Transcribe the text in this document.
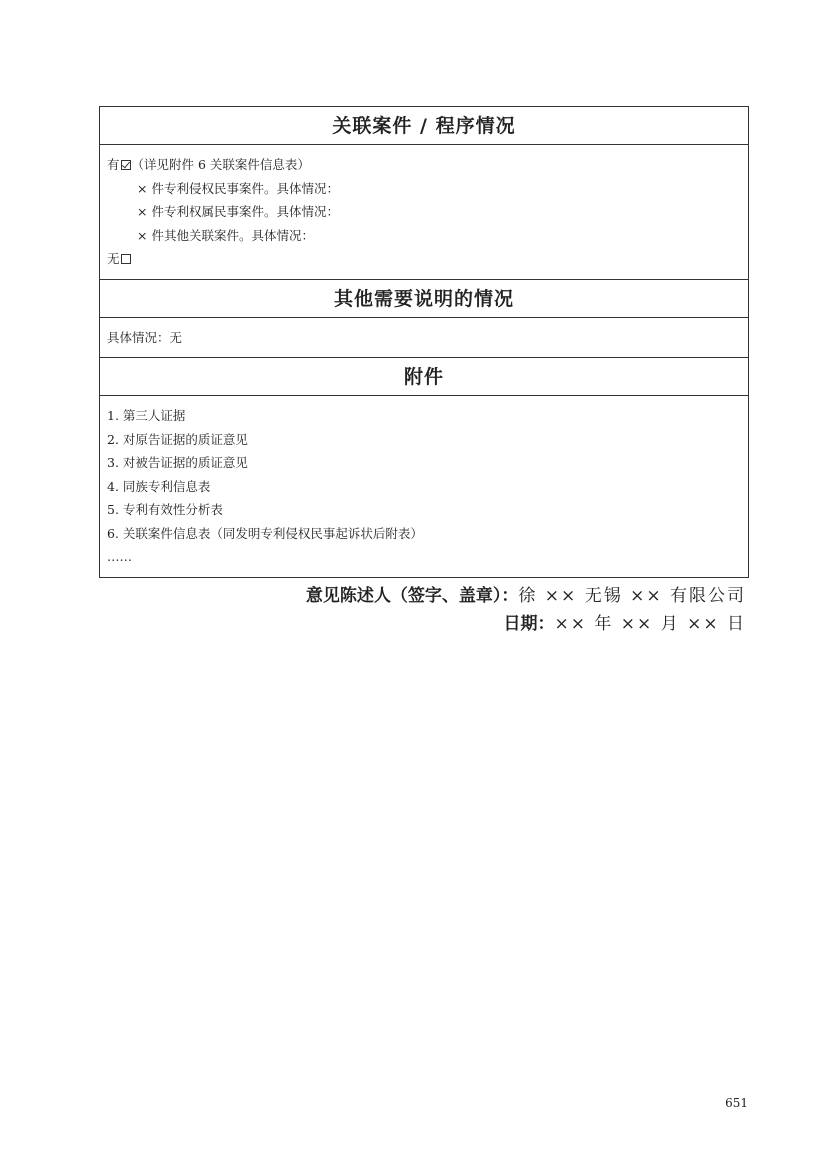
关联案件 / 程序情况
有 （详见附件 6 关联案件信息表）
× 件专利侵权民事案件。具体情况：
× 件专利权属民事案件。具体情况：
× 件其他关联案件。具体情况：
无
其他需要说明的情况
具体情况：无
附件
1. 第三人证据
2. 对原告证据的质证意见
3. 对被告证据的质证意见
4. 同族专利信息表
5. 专利有效性分析表
6. 关联案件信息表（同发明专利侵权民事起诉状后附表）
……
意见陈述人（签字、盖章）：徐 ×× 无锡 ×× 有限公司
日期：×× 年 ×× 月 ×× 日
651
